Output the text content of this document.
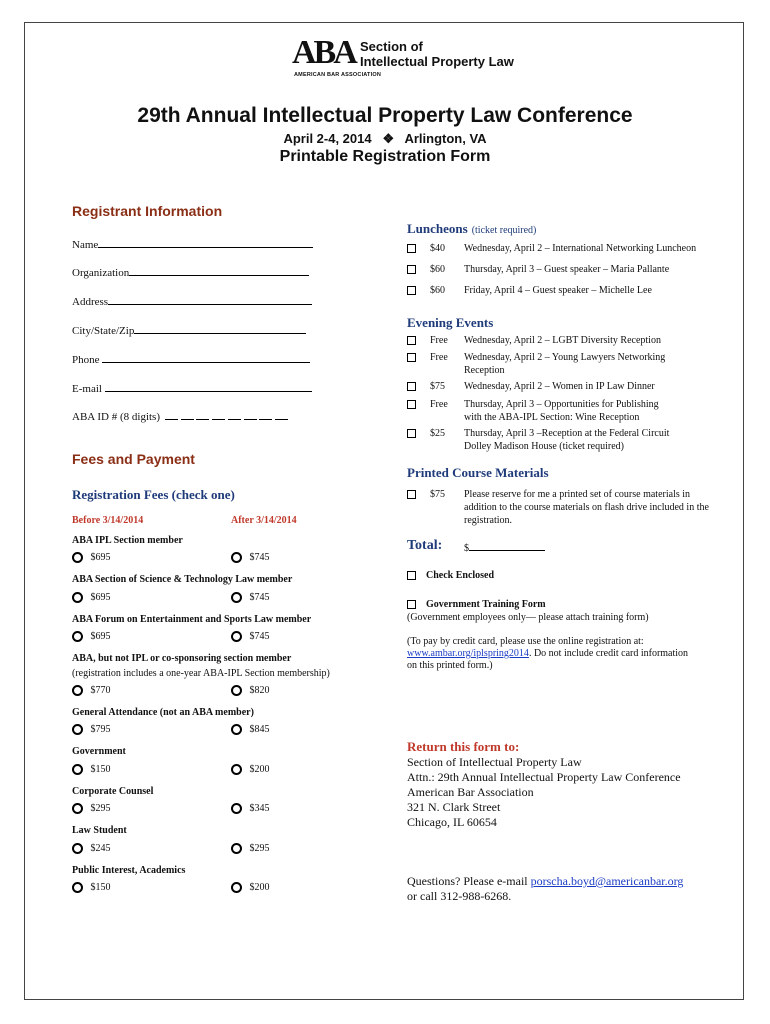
ABA Section of
Intellectual Property Law
AMERICAN BAR ASSOCIATION
29th Annual Intellectual Property Law Conference
April 2-4, 2014 ❖ Arlington, VA
Printable Registration Form
Registrant Information
Name
Organization
Address
City/State/Zip
Phone
E-mail
ABA ID # (8 digits)
Fees and Payment
Registration Fees (check one)
Before 3/14/2014	After 3/14/2014
ABA IPL Section member
$695	$745
ABA Section of Science & Technology Law member
$695	$745
ABA Forum on Entertainment and Sports Law member
$695	$745
ABA, but not IPL or co-sponsoring section member
(registration includes a one-year ABA-IPL Section membership)
$770	$820
General Attendance (not an ABA member)
$795	$845
Government
$150	$200
Corporate Counsel
$295	$345
Law Student
$245	$295
Public Interest, Academics
$150	$200
Luncheons (ticket required)
$40 Wednesday, April 2 – International Networking Luncheon
$60 Thursday, April 3 – Guest speaker – Maria Pallante
$60 Friday, April 4 – Guest speaker – Michelle Lee
Evening Events
Free Wednesday, April 2 – LGBT Diversity Reception
Free Wednesday, April 2 – Young Lawyers Networking
Reception
$75 Wednesday, April 2 – Women in IP Law Dinner
Free Thursday, April 3 – Opportunities for Publishing
with the ABA-IPL Section: Wine Reception
$25 Thursday, April 3 –Reception at the Federal Circuit
Dolley Madison House (ticket required)
Printed Course Materials
$75 Please reserve for me a printed set of course materials in
addition to the course materials on flash drive included in the
registration.
Total: $
Check Enclosed
Government Training Form
(Government employees only— please attach training form)
(To pay by credit card, please use the online registration at:
www.ambar.org/iplspring2014. Do not include credit card information
on this printed form.)
Return this form to:
Section of Intellectual Property Law
Attn.: 29th Annual Intellectual Property Law Conference
American Bar Association
321 N. Clark Street
Chicago, IL 60654
Questions? Please e-mail porscha.boyd@americanbar.org
or call 312-988-6268.
